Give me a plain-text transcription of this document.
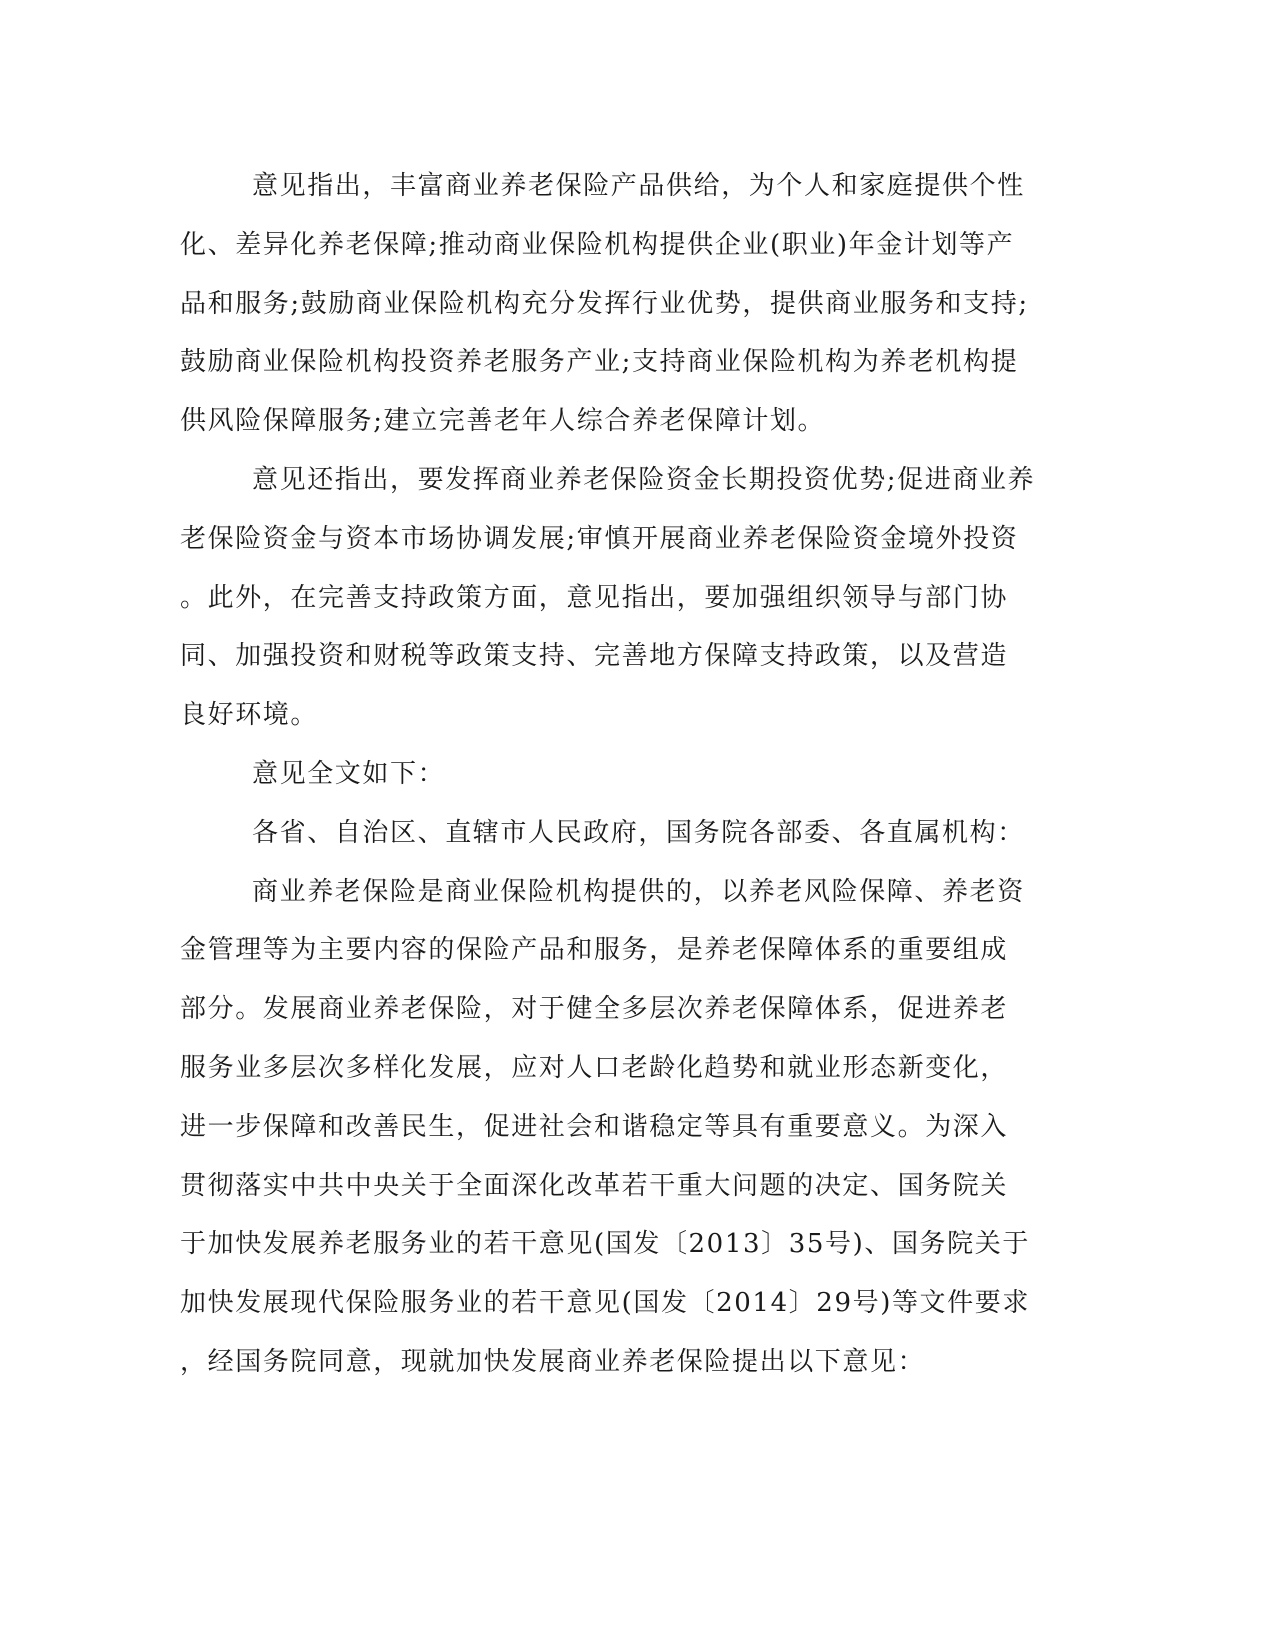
意见指出，丰富商业养老保险产品供给，为个人和家庭提供个性
化、差异化养老保障;推动商业保险机构提供企业(职业)年金计划等产
品和服务;鼓励商业保险机构充分发挥行业优势，提供商业服务和支持;
鼓励商业保险机构投资养老服务产业;支持商业保险机构为养老机构提
供风险保障服务;建立完善老年人综合养老保障计划。
意见还指出，要发挥商业养老保险资金长期投资优势;促进商业养
老保险资金与资本市场协调发展;审慎开展商业养老保险资金境外投资
。此外，在完善支持政策方面，意见指出，要加强组织领导与部门协
同、加强投资和财税等政策支持、完善地方保障支持政策，以及营造
良好环境。
意见全文如下：
各省、自治区、直辖市人民政府，国务院各部委、各直属机构：
商业养老保险是商业保险机构提供的，以养老风险保障、养老资
金管理等为主要内容的保险产品和服务，是养老保障体系的重要组成
部分。发展商业养老保险，对于健全多层次养老保障体系，促进养老
服务业多层次多样化发展，应对人口老龄化趋势和就业形态新变化，
进一步保障和改善民生，促进社会和谐稳定等具有重要意义。为深入
贯彻落实中共中央关于全面深化改革若干重大问题的决定、国务院关
于加快发展养老服务业的若干意见(国发〔2013〕35号)、国务院关于
加快发展现代保险服务业的若干意见(国发〔2014〕29号)等文件要求
，经国务院同意，现就加快发展商业养老保险提出以下意见：
